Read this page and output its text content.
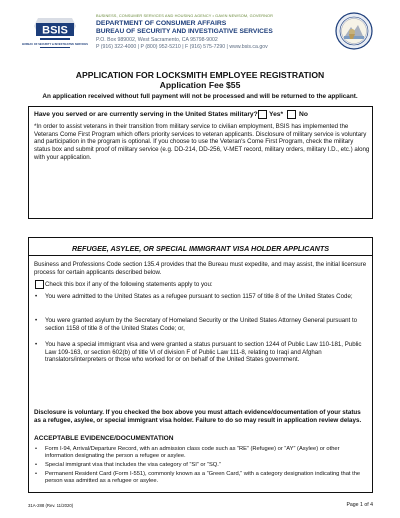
BSIS
BUREAU OF SECURITY & INVESTIGATIVE SERVICES
BUSINESS, CONSUMER SERVICES AND HOUSING AGENCY • GAVIN NEWSOM, GOVERNOR
DEPARTMENT OF CONSUMER AFFAIRS
BUREAU OF SECURITY AND INVESTIGATIVE SERVICES
P.O. Box 989002, West Sacramento, CA 95798-9002
P (916) 322-4000 | P (800) 952-5210 | F (916) 575-7290 | www.bsis.ca.gov
APPLICATION FOR LOCKSMITH EMPLOYEE REGISTRATION
Application Fee $55
An application received without full payment will not be processed and will be returned to the applicant.
Have you served or are currently serving in the United States military? Yes* No
*In order to assist veterans in their transition from military service to civilian employment, BSIS has implemented the Veterans Come First Program which offers priority services to veteran applicants. Disclosure of military service is voluntary and participation in the program is optional. If you choose to use the Veteran's Come First Program, check the military status box and submit proof of military service (e.g. DD-214, DD-256, V-MET record, military orders, military I.D., etc.) along with your application.
REFUGEE, ASYLEE, OR SPECIAL IMMIGRANT VISA HOLDER APPLICANTS
Business and Professions Code section 135.4 provides that the Bureau must expedite, and may assist, the initial licensure process for certain applicants described below.
Check this box if any of the following statements apply to you:
• You were admitted to the United States as a refugee pursuant to section 1157 of title 8 of the United States Code;
• You were granted asylum by the Secretary of Homeland Security or the United States Attorney General pursuant to section 1158 of title 8 of the United States Code; or,
• You have a special immigrant visa and were granted a status pursuant to section 1244 of Public Law 110-181, Public Law 109-163, or section 602(b) of title VI of division F of Public Law 111-8, relating to Iraqi and Afghan translators/interpreters or those who worked for or on behalf of the United States government.
Disclosure is voluntary. If you checked the box above you must attach evidence/documentation of your status as a refugee, asylee, or special immigrant visa holder. Failure to do so may result in application review delays.
ACCEPTABLE EVIDENCE/DOCUMENTATION
• Form I-94, Arrival/Departure Record, with an admission class code such as “RE” (Refugee) or “AY” (Asylee) or other information designating the person a refugee or asylee.
• Special immigrant visa that includes the visa category of “SI” or “SQ.”
• Permanent Resident Card (Form I-551), commonly known as a “Green Card,” with a category designation indicating that the person was admitted as a refugee or asylee.
31A-288 (Rev. 11/2020)	Page 1 of 4
